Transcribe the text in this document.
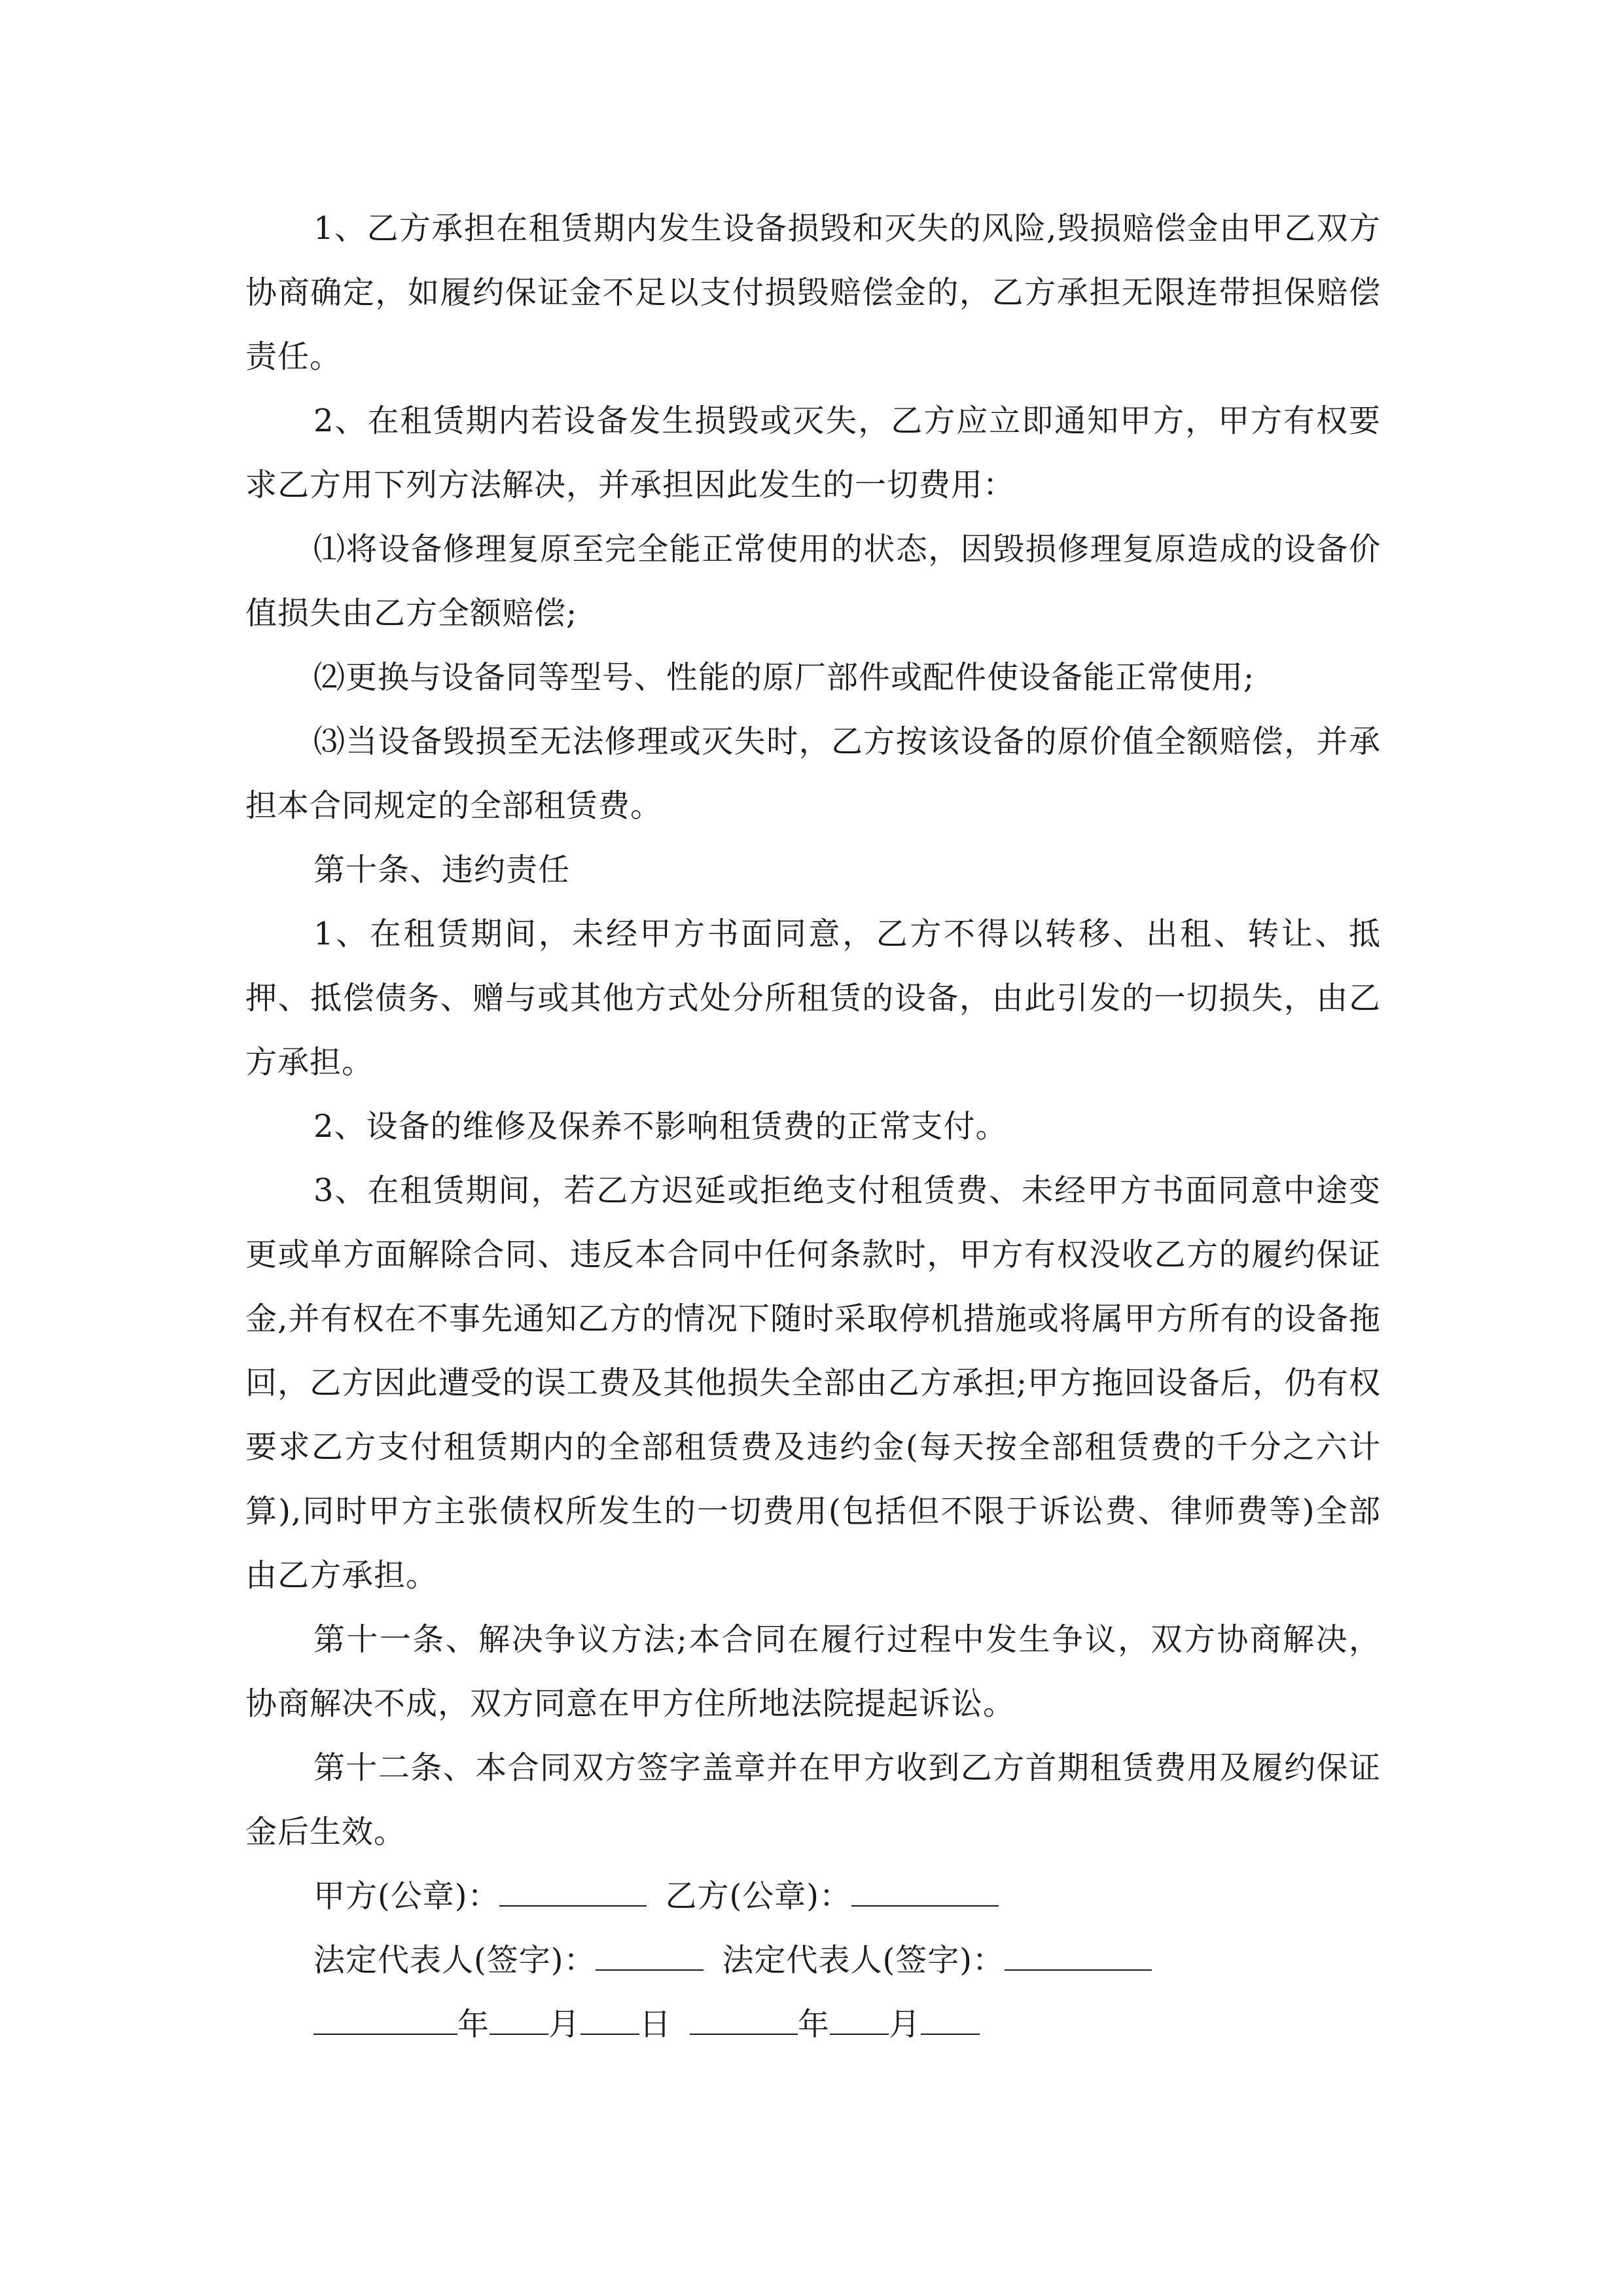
1、乙方承担在租赁期内发生设备损毁和灭失的风险,毁损赔偿金由甲乙双方协商确定，如履约保证金不足以支付损毁赔偿金的，乙方承担无限连带担保赔偿责任。

2、在租赁期内若设备发生损毁或灭失，乙方应立即通知甲方，甲方有权要求乙方用下列方法解决，并承担因此发生的一切费用：

⑴将设备修理复原至完全能正常使用的状态，因毁损修理复原造成的设备价值损失由乙方全额赔偿;

⑵更换与设备同等型号、性能的原厂部件或配件使设备能正常使用;

⑶当设备毁损至无法修理或灭失时，乙方按该设备的原价值全额赔偿，并承担本合同规定的全部租赁费。

第十条、违约责任

1、在租赁期间，未经甲方书面同意，乙方不得以转移、出租、转让、抵押、抵偿债务、赠与或其他方式处分所租赁的设备，由此引发的一切损失，由乙方承担。

2、设备的维修及保养不影响租赁费的正常支付。

3、在租赁期间，若乙方迟延或拒绝支付租赁费、未经甲方书面同意中途变更或单方面解除合同、违反本合同中任何条款时，甲方有权没收乙方的履约保证金,并有权在不事先通知乙方的情况下随时采取停机措施或将属甲方所有的设备拖回，乙方因此遭受的误工费及其他损失全部由乙方承担;甲方拖回设备后，仍有权要求乙方支付租赁期内的全部租赁费及违约金(每天按全部租赁费的千分之六计算),同时甲方主张债权所发生的一切费用(包括但不限于诉讼费、律师费等)全部由乙方承担。

第十一条、解决争议方法;本合同在履行过程中发生争议，双方协商解决，协商解决不成，双方同意在甲方住所地法院提起诉讼。

第十二条、本合同双方签字盖章并在甲方收到乙方首期租赁费用及履约保证金后生效。

甲方(公章)：	乙方(公章)：
法定代表人(签字)：	法定代表人(签字)：
年 月 日	年 月
